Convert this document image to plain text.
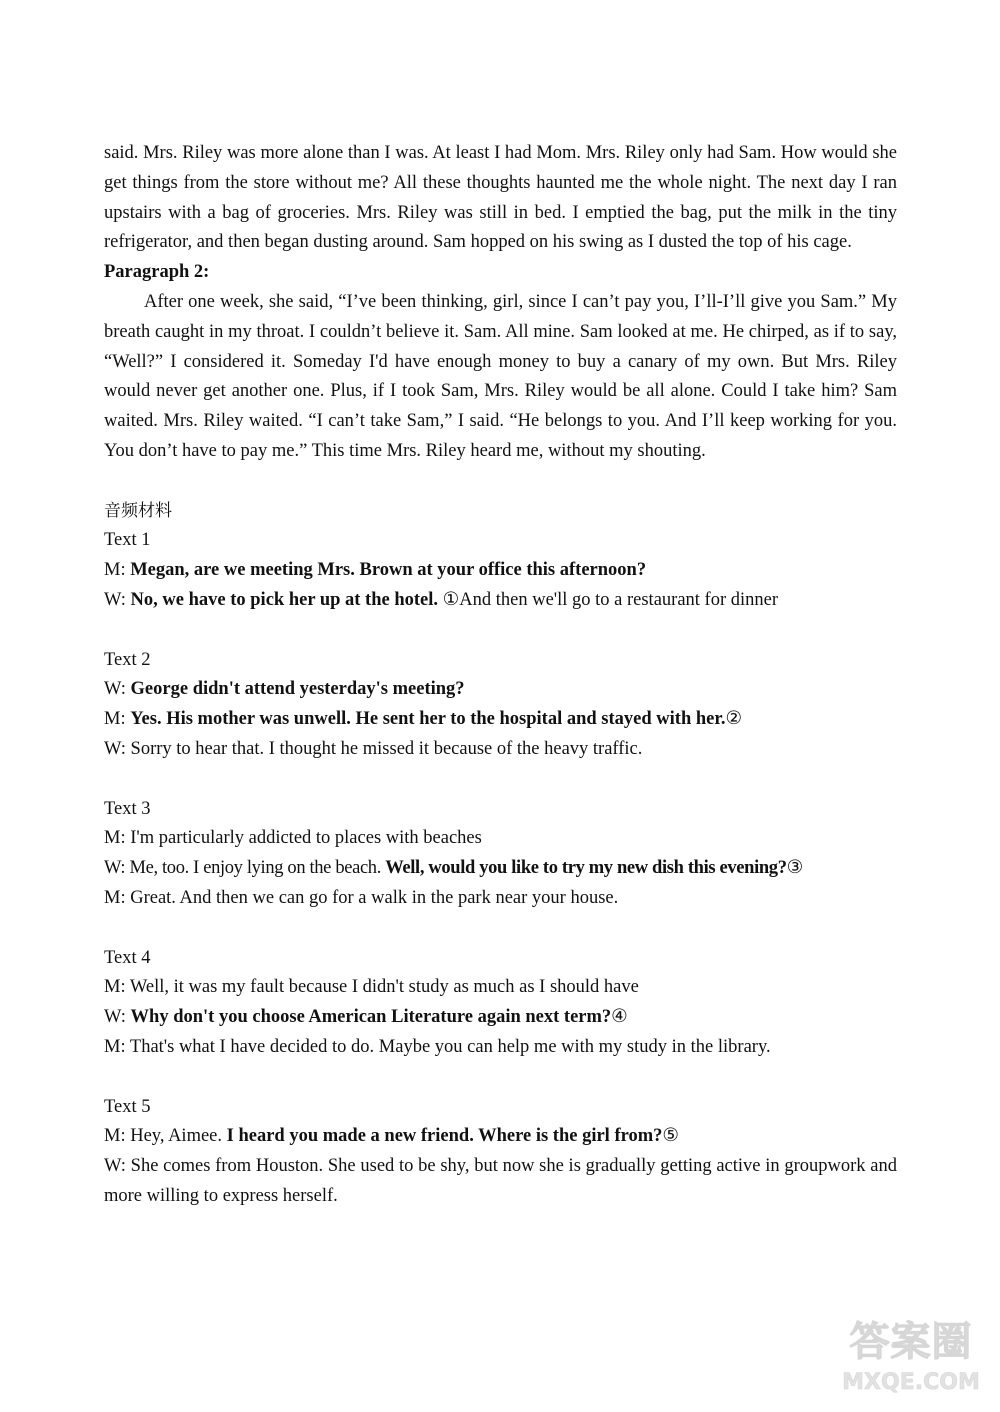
said. Mrs. Riley was more alone than I was. At least I had Mom. Mrs. Riley only had Sam. How would she get things from the store without me? All these thoughts haunted me the whole night. The next day I ran upstairs with a bag of groceries. Mrs. Riley was still in bed. I emptied the bag, put the milk in the tiny refrigerator, and then began dusting around. Sam hopped on his swing as I dusted the top of his cage.

Paragraph 2:

After one week, she said, “I’ve been thinking, girl, since I can’t pay you, I’ll-I’ll give you Sam.” My breath caught in my throat. I couldn’t believe it. Sam. All mine. Sam looked at me. He chirped, as if to say, “Well?” I considered it. Someday I'd have enough money to buy a canary of my own. But Mrs. Riley would never get another one. Plus, if I took Sam, Mrs. Riley would be all alone. Could I take him? Sam waited. Mrs. Riley waited. “I can’t take Sam,” I said. “He belongs to you. And I’ll keep working for you. You don’t have to pay me.” This time Mrs. Riley heard me, without my shouting.

音频材料

Text 1

M: Megan, are we meeting Mrs. Brown at your office this afternoon?

W: No, we have to pick her up at the hotel. ①And then we'll go to a restaurant for dinner

Text 2

W: George didn't attend yesterday's meeting?

M: Yes. His mother was unwell. He sent her to the hospital and stayed with her.②

W: Sorry to hear that. I thought he missed it because of the heavy traffic.

Text 3

M: I'm particularly addicted to places with beaches

W: Me, too. I enjoy lying on the beach. Well, would you like to try my new dish this evening?③

M: Great. And then we can go for a walk in the park near your house.

Text 4

M: Well, it was my fault because I didn't study as much as I should have

W: Why don't you choose American Literature again next term?④

M: That's what I have decided to do. Maybe you can help me with my study in the library.

Text 5

M: Hey, Aimee. I heard you made a new friend. Where is the girl from?⑤

W: She comes from Houston. She used to be shy, but now she is gradually getting active in groupwork and more willing to express herself.

答案圈
MXQE.COM
